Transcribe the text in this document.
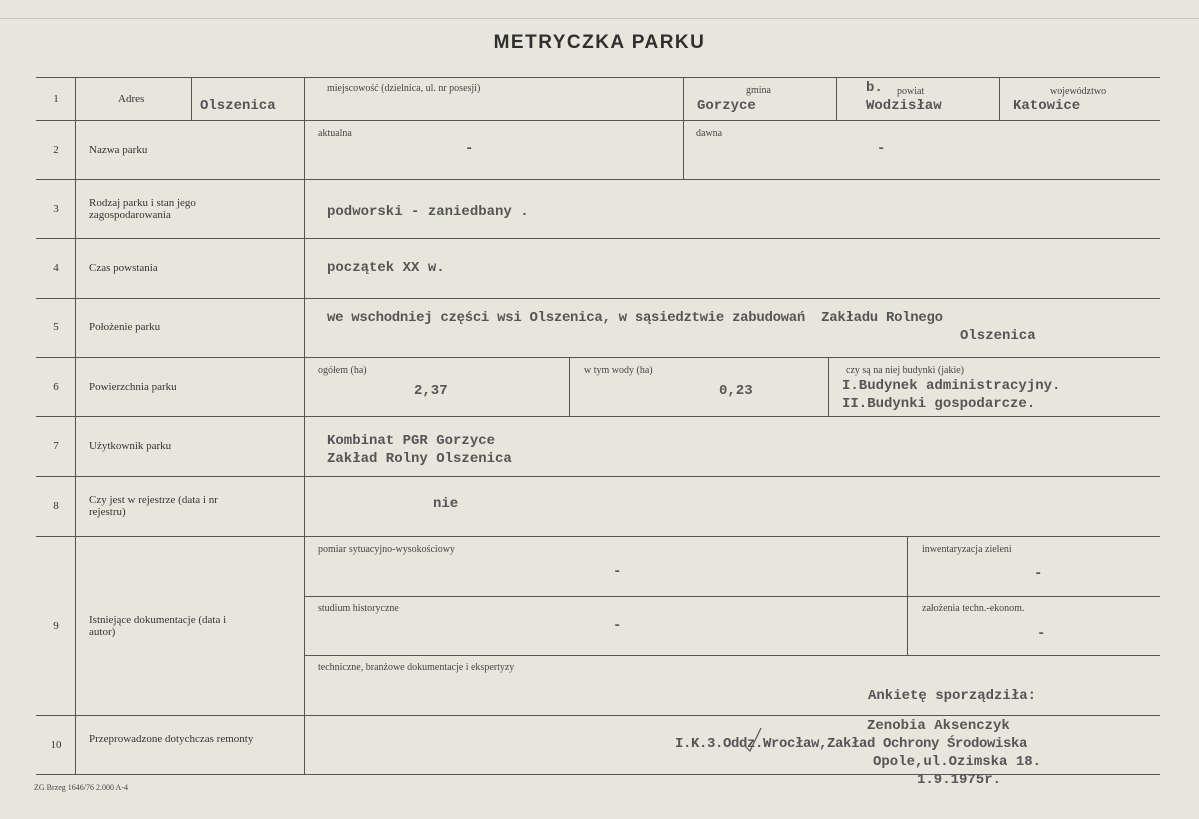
METRYCZKA PARKU
1
2
3
4
5
6
7
8
9
10
Adres
Nazwa parku
Rodzaj parku i stan jego zagospodarowania
Czas powstania
Położenie parku
Powierzchnia parku
Użytkownik parku
Czy jest w rejestrze (data i nr rejestru)
Istniejące dokumentacje (data i autor)
Przeprowadzone dotychczas remonty
miejscowość (dzielnica, ul. nr posesji)
Olszenica
gmina
Gorzyce
b. powiat
Wodzisław
województwo
Katowice
aktualna
-
dawna
-
podworski - zaniedbany .
początek XX w.
we wschodniej części wsi Olszenica, w sąsiedztwie zabudowań  Zakładu Rolnego
Olszenica
ogółem (ha)
2,37
w tym wody (ha)
0,23
czy są na niej budynki (jakie)
I.Budynek administracyjny.
II.Budynki gospodarcze.
Kombinat PGR Gorzyce
Zakład Rolny Olszenica
nie
pomiar sytuacyjno-wysokościowy
-
inwentaryzacja zieleni
-
studium historyczne
-
założenia techn.-ekonom.
-
techniczne, branżowe dokumentacje i ekspertyzy
Ankietę sporządziła:
Zenobia Aksenczyk
I.K.3.Oddz.Wrocław,Zakład Ochrony Środowiska
Opole,ul.Ozimska 18.
1.9.1975r.
ZG Brzeg 1646/76 2.000 A-4
